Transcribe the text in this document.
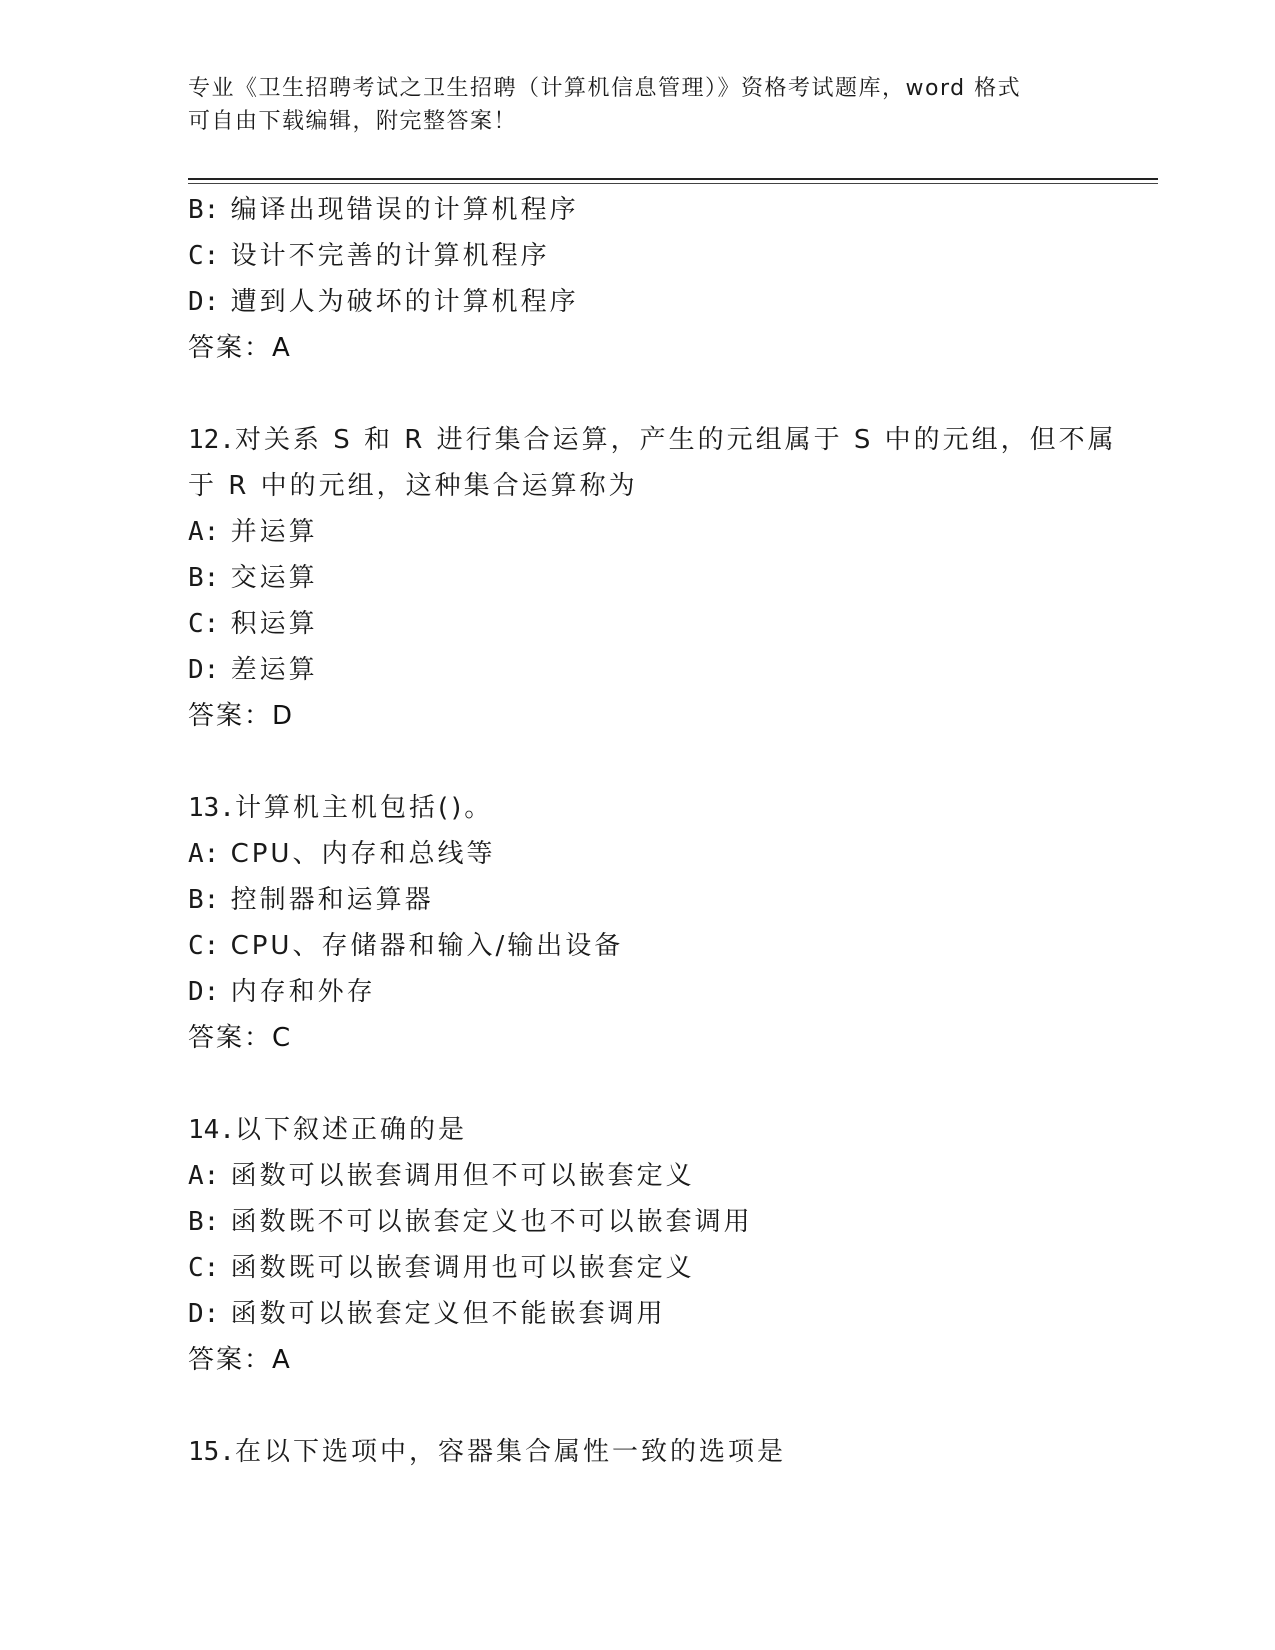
专业《卫生招聘考试之卫生招聘（计算机信息管理）》资格考试题库，word 格式
可自由下载编辑，附完整答案！
B: 编译出现错误的计算机程序
C: 设计不完善的计算机程序
D: 遭到人为破坏的计算机程序
答案：A
12.对关系 S 和 R 进行集合运算，产生的元组属于 S 中的元组，但不属
于 R 中的元组，这种集合运算称为
A: 并运算
B: 交运算
C: 积运算
D: 差运算
答案：D
13.计算机主机包括()。
A: CPU、内存和总线等
B: 控制器和运算器
C: CPU、存储器和输入/输出设备
D: 内存和外存
答案：C
14.以下叙述正确的是
A: 函数可以嵌套调用但不可以嵌套定义
B: 函数既不可以嵌套定义也不可以嵌套调用
C: 函数既可以嵌套调用也可以嵌套定义
D: 函数可以嵌套定义但不能嵌套调用
答案：A
15.在以下选项中，容器集合属性一致的选项是
